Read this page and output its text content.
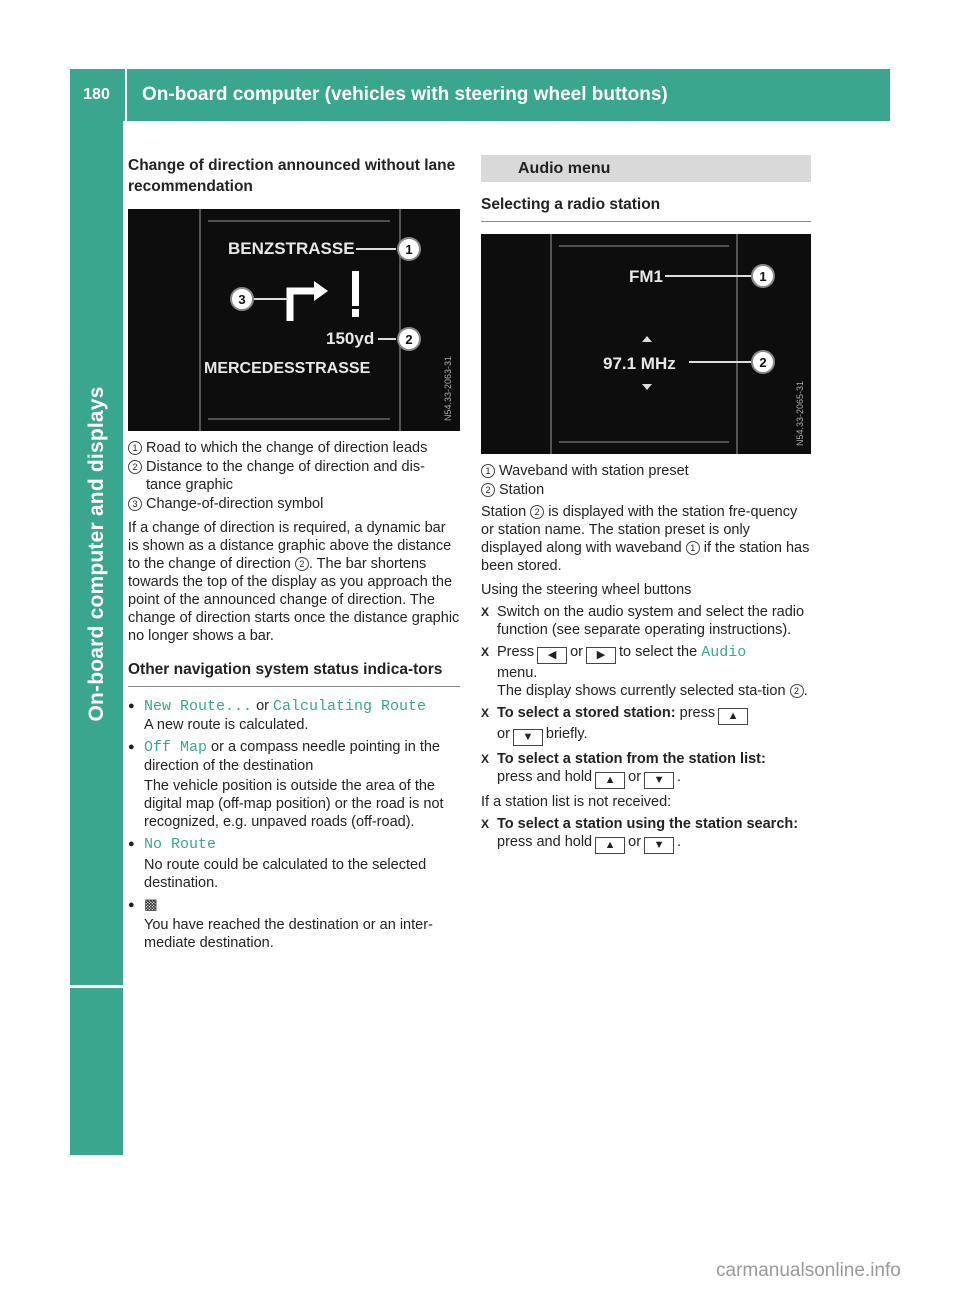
180	On-board computer (vehicles with steering wheel buttons)
On-board computer and displays
Change of direction announced without lane recommendation
BENZSTRASSE	1
3
150yd 2
MERCEDESSTRASSE	N54.33-2063-31
1 Road to which the change of direction leads
2 Distance to the change of direction and dis-tance graphic
3 Change-of-direction symbol

If a change of direction is required, a dynamic bar is shown as a distance graphic above the distance to the change of direction 2 . The bar shortens towards the top of the display as you approach the point of the announced change of direction. The change of direction starts once the distance graphic no longer shows a bar.

Other navigation system status indica-tors
● New Route... or Calculating Route
A new route is calculated.
● Off Map or a compass needle pointing in the direction of the destination
The vehicle position is outside the area of the digital map (off-map position) or the road is not recognized, e.g. unpaved roads (off-road).
● No Route
No route could be calculated to the selected destination.
● ▩
You have reached the destination or an inter-mediate destination.
Audio menu
Selecting a radio station
FM1	1
97.1 MHz	2
N54.33-2065-31
1 Waveband with station preset
2 Station

Station 2 is displayed with the station fre-quency or station name. The station preset is only displayed along with waveband 1 if the station has been stored.

Using the steering wheel buttons

X Switch on the audio system and select the radio function (see separate operating instructions).
X Press ◀ or ▶ to select the Audio
menu.
The display shows currently selected sta-tion 2 .
X To select a stored station: press ▲
or ▼ briefly.
X To select a station from the station list:
press and hold ▲ or ▼ .

If a station list is not received:

X To select a station using the station search: press and hold ▲ or ▼ .
carmanualsonline.info
